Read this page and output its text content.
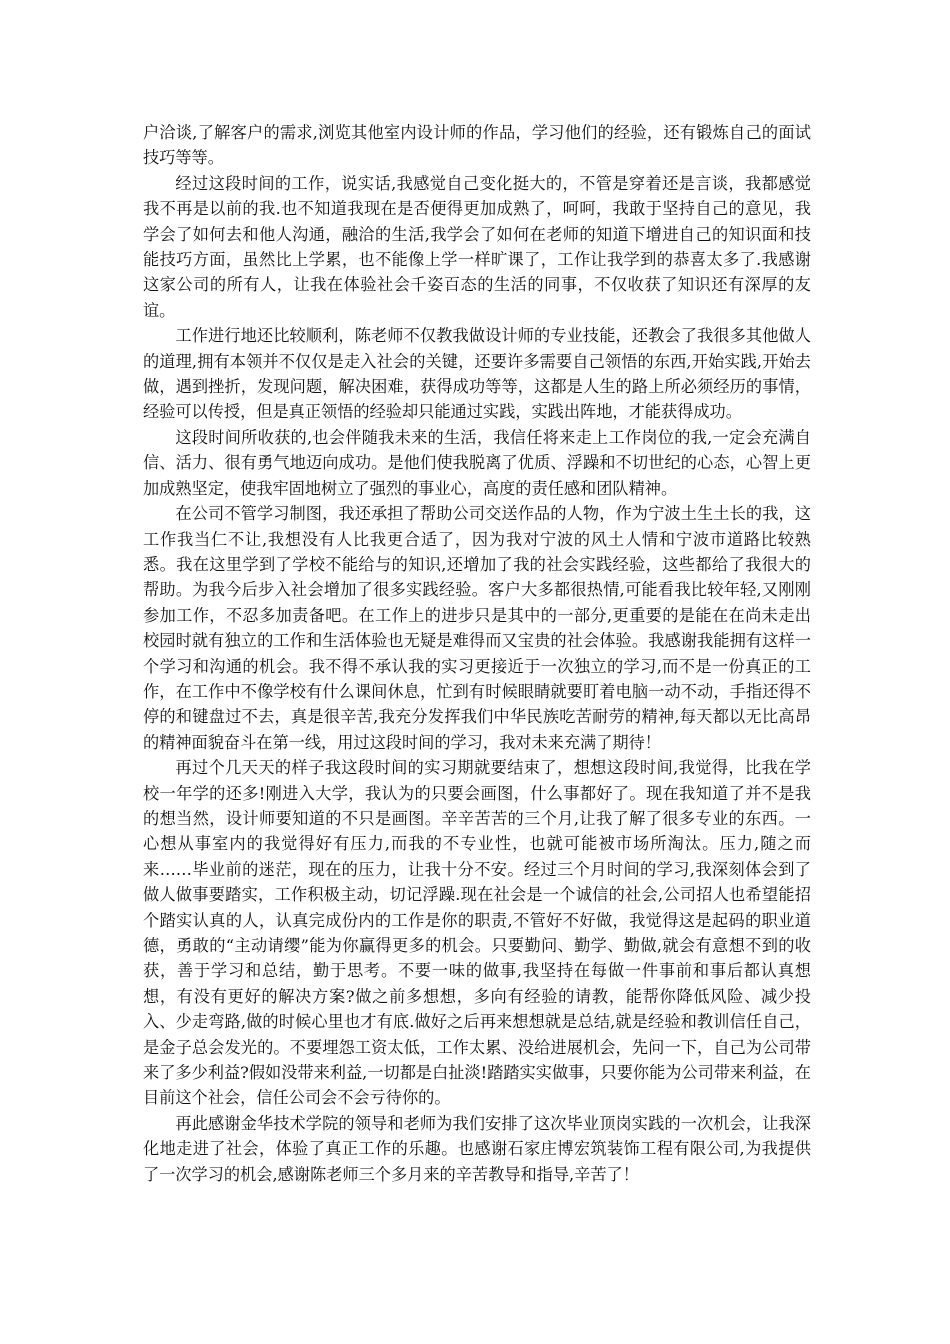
户洽谈,了解客户的需求,浏览其他室内设计师的作品，学习他们的经验，还有锻炼自己的面试技巧等等。

经过这段时间的工作，说实话,我感觉自己变化挺大的，不管是穿着还是言谈，我都感觉我不再是以前的我.也不知道我现在是否便得更加成熟了，呵呵，我敢于坚持自己的意见，我学会了如何去和他人沟通，融洽的生活,我学会了如何在老师的知道下增进自己的知识面和技能技巧方面，虽然比上学累，也不能像上学一样旷课了，工作让我学到的恭喜太多了.我感谢这家公司的所有人，让我在体验社会千姿百态的生活的同事，不仅收获了知识还有深厚的友谊。

工作进行地还比较顺利，陈老师不仅教我做设计师的专业技能，还教会了我很多其他做人的道理,拥有本领并不仅仅是走入社会的关键，还要许多需要自己领悟的东西,开始实践,开始去做，遇到挫折，发现问题，解决困难，获得成功等等，这都是人生的路上所必须经历的事情，经验可以传授，但是真正领悟的经验却只能通过实践，实践出阵地，才能获得成功。

这段时间所收获的,也会伴随我未来的生活，我信任将来走上工作岗位的我,一定会充满自信、活力、很有勇气地迈向成功。是他们使我脱离了优质、浮躁和不切世纪的心态，心智上更加成熟坚定，使我牢固地树立了强烈的事业心，高度的责任感和团队精神。

在公司不管学习制图，我还承担了帮助公司交送作品的人物，作为宁波土生土长的我，这工作我当仁不让,我想没有人比我更合适了，因为我对宁波的风土人情和宁波市道路比较熟悉。我在这里学到了学校不能给与的知识,还增加了我的社会实践经验，这些都给了我很大的帮助。为我今后步入社会增加了很多实践经验。客户大多都很热情,可能看我比较年轻,又刚刚参加工作，不忍多加责备吧。在工作上的进步只是其中的一部分,更重要的是能在在尚未走出校园时就有独立的工作和生活体验也无疑是难得而又宝贵的社会体验。我感谢我能拥有这样一个学习和沟通的机会。我不得不承认我的实习更接近于一次独立的学习,而不是一份真正的工作，在工作中不像学校有什么课间休息，忙到有时候眼睛就要盯着电脑一动不动，手指还得不停的和键盘过不去，真是很辛苦,我充分发挥我们中华民族吃苦耐劳的精神,每天都以无比高昂的精神面貌奋斗在第一线，用过这段时间的学习，我对未来充满了期待！

再过个几天天的样子我这段时间的实习期就要结束了，想想这段时间,我觉得，比我在学校一年学的还多!刚进入大学，我认为的只要会画图，什么事都好了。现在我知道了并不是我的想当然，设计师要知道的不只是画图。辛辛苦苦的三个月,让我了解了很多专业的东西。一心想从事室内的我觉得好有压力,而我的不专业性，也就可能被市场所淘汰。压力,随之而来……毕业前的迷茫，现在的压力，让我十分不安。经过三个月时间的学习,我深刻体会到了做人做事要踏实，工作积极主动，切记浮躁.现在社会是一个诚信的社会,公司招人也希望能招个踏实认真的人，认真完成份内的工作是你的职责,不管好不好做，我觉得这是起码的职业道德，勇敢的“主动请缨”能为你赢得更多的机会。只要勤问、勤学、勤做,就会有意想不到的收获，善于学习和总结，勤于思考。不要一味的做事,我坚持在每做一件事前和事后都认真想想，有没有更好的解决方案?做之前多想想，多向有经验的请教，能帮你降低风险、减少投入、少走弯路,做的时候心里也才有底.做好之后再来想想就是总结,就是经验和教训信任自己，是金子总会发光的。不要埋怨工资太低，工作太累、没给进展机会，先问一下，自己为公司带来了多少利益?假如没带来利益,一切都是白扯淡!踏踏实实做事，只要你能为公司带来利益，在目前这个社会，信任公司会不会亏待你的。

再此感谢金华技术学院的领导和老师为我们安排了这次毕业顶岗实践的一次机会，让我深化地走进了社会，体验了真正工作的乐趣。也感谢石家庄博宏筑装饰工程有限公司,为我提供了一次学习的机会,感谢陈老师三个多月来的辛苦教导和指导,辛苦了！
